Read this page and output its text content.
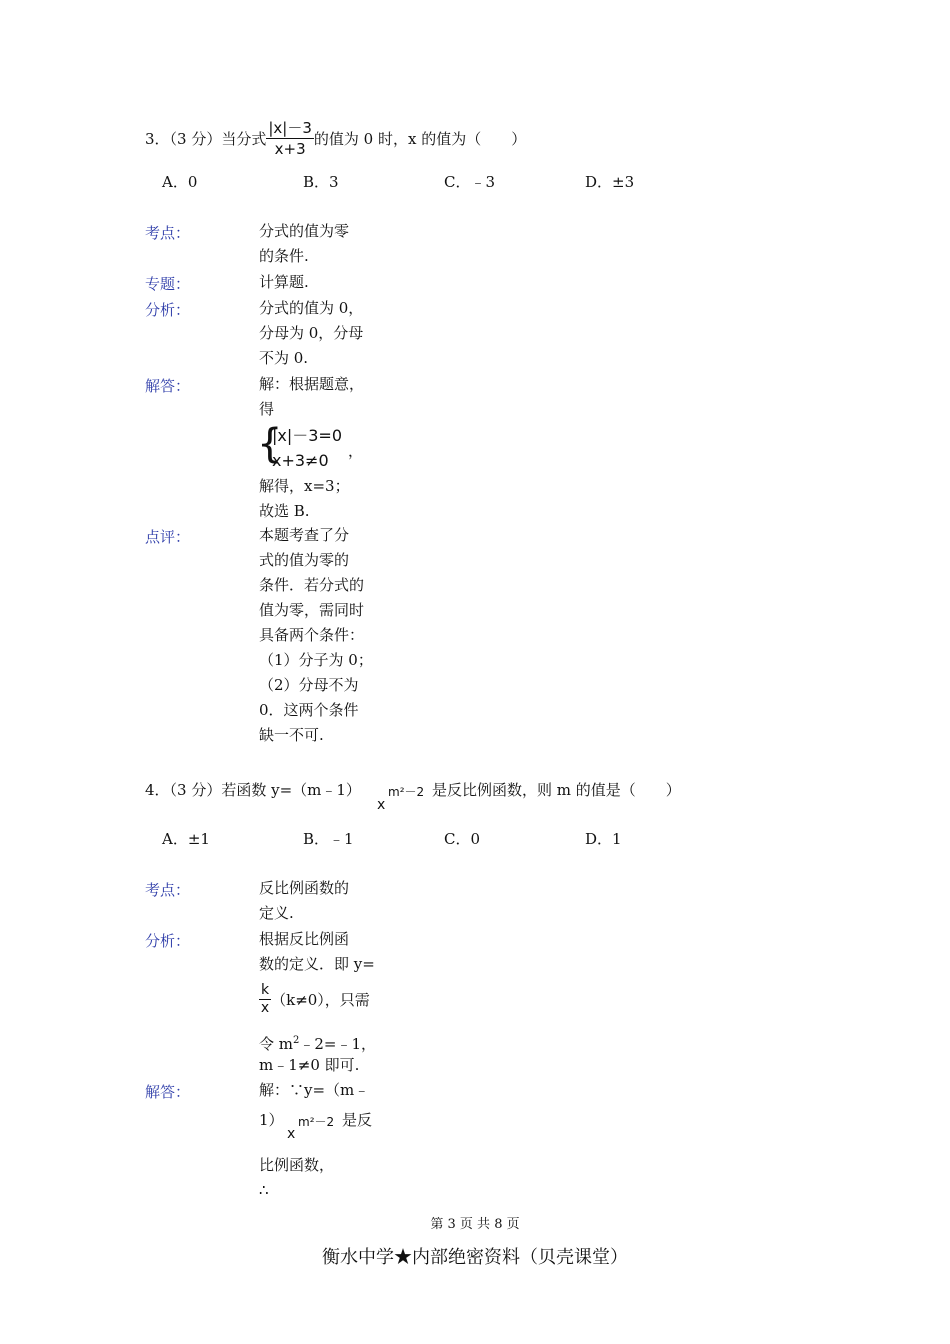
3．（3 分）当分式 $\frac{|x|-3}{x+3}$ 的值为 0 时，x 的值为（　　）
A．0	B．3	C．﹣3	D．±3
考点：	分式的值为零
的条件.
专题：	计算题.
分析：	分式的值为 0，
分母为 0，分母
不为 0.
解答：	解：根据题意，
得
{
|x|－3=0
x+3≠0 ，
解得，x=3；
故选 B.
点评：	本题考查了分
式的值为零的
条件．若分式的
值为零，需同时
具备两个条件：
（1）分子为 0；
（2）分母不为
0．这两个条件
缺一不可.
4．（3 分）若函数 y=（m﹣1）
x
m²－2 是反比例函数，则 m 的值是（　　）
A．±1	B．﹣1	C．0	D．1
考点：	反比例函数的
定义.
分析：	根据反比例函
数的定义．即 y=
$\frac{k}{x} (k\ne 0)$，只需
令 $m^2﹣2=﹣1$，
m﹣1≠0 即可.
解答：	解：∵y=（m﹣
1）
x
m²－2 是反
比例函数，
∴
第 3 页 共 8 页
衡水中学★内部绝密资料（贝壳课堂）
